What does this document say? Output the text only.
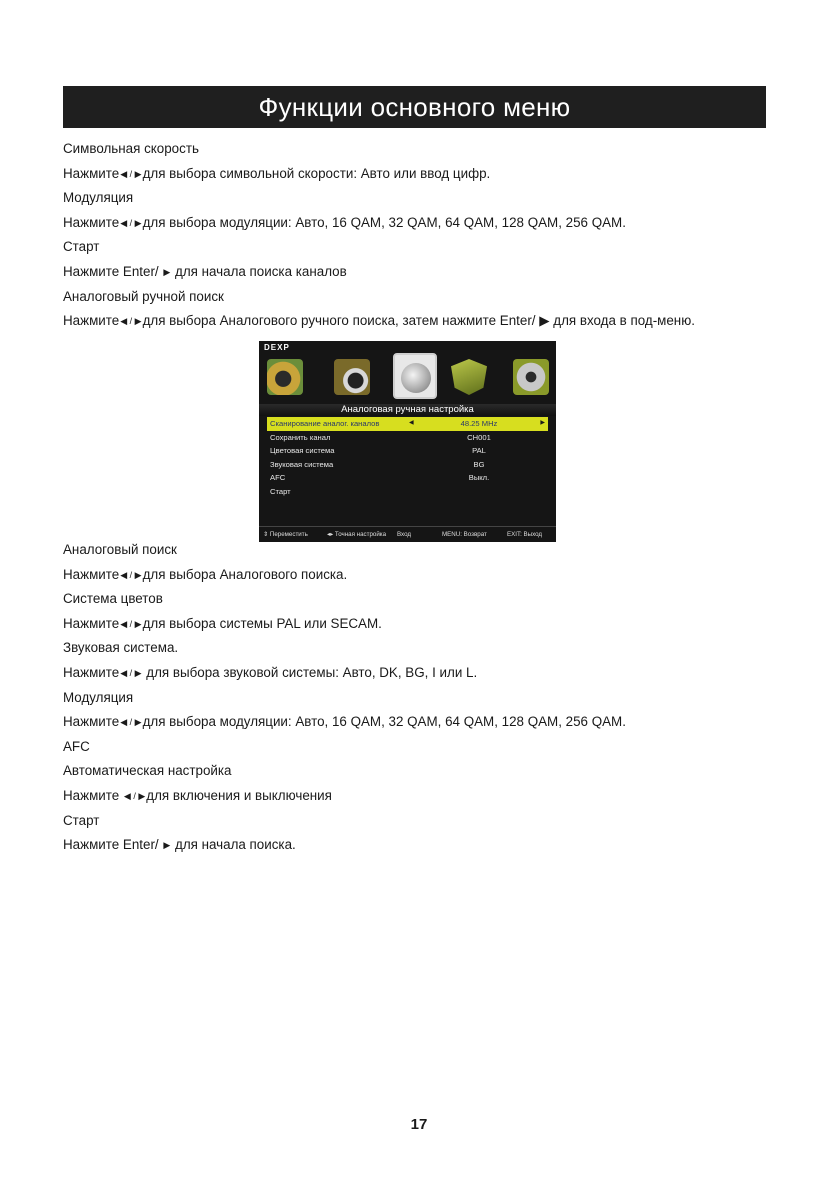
Функции основного меню
Символьная скорость
Нажмите◀ / ▶для выбора символьной скорости: Авто или ввод цифр.
Модуляция
Нажмите◀ / ▶для выбора модуляции: Авто, 16 QAM, 32 QAM, 64 QAM, 128 QAM, 256 QAM.
Старт
Нажмите Enter/ ▶ для начала поиска каналов
Аналоговый ручной поиск
Нажмите◀ / ▶для выбора Аналогового ручного поиска, затем нажмите Enter/ ▶ для входа в под-меню.
DEXP
Аналоговая ручная настройка
Сканирование аналог. каналов	◀	48.25 MHz	▶
Сохранить канал	CH001
Цветовая система	PAL
Звуковая система	BG
AFC	Выкл.
Старт
⇕ Переместить	◂▸ Точная настройка Вход	MENU: Возврат	EXIT: Выход
Аналоговый поиск
Нажмите◀ / ▶для выбора Аналогового поиска.
Система цветов
Нажмите◀ / ▶для выбора системы PAL или SECAM.
Звуковая система.
Нажмите◀ / ▶ для выбора звуковой системы: Авто, DK, BG, I или L.
Модуляция
Нажмите◀ / ▶для выбора модуляции: Авто, 16 QAM, 32 QAM, 64 QAM, 128 QAM, 256 QAM.
AFC
Автоматическая настройка
Нажмите ◀ / ▶для включения и выключения
Старт
Нажмите Enter/ ▶ для начала поиска.
17
